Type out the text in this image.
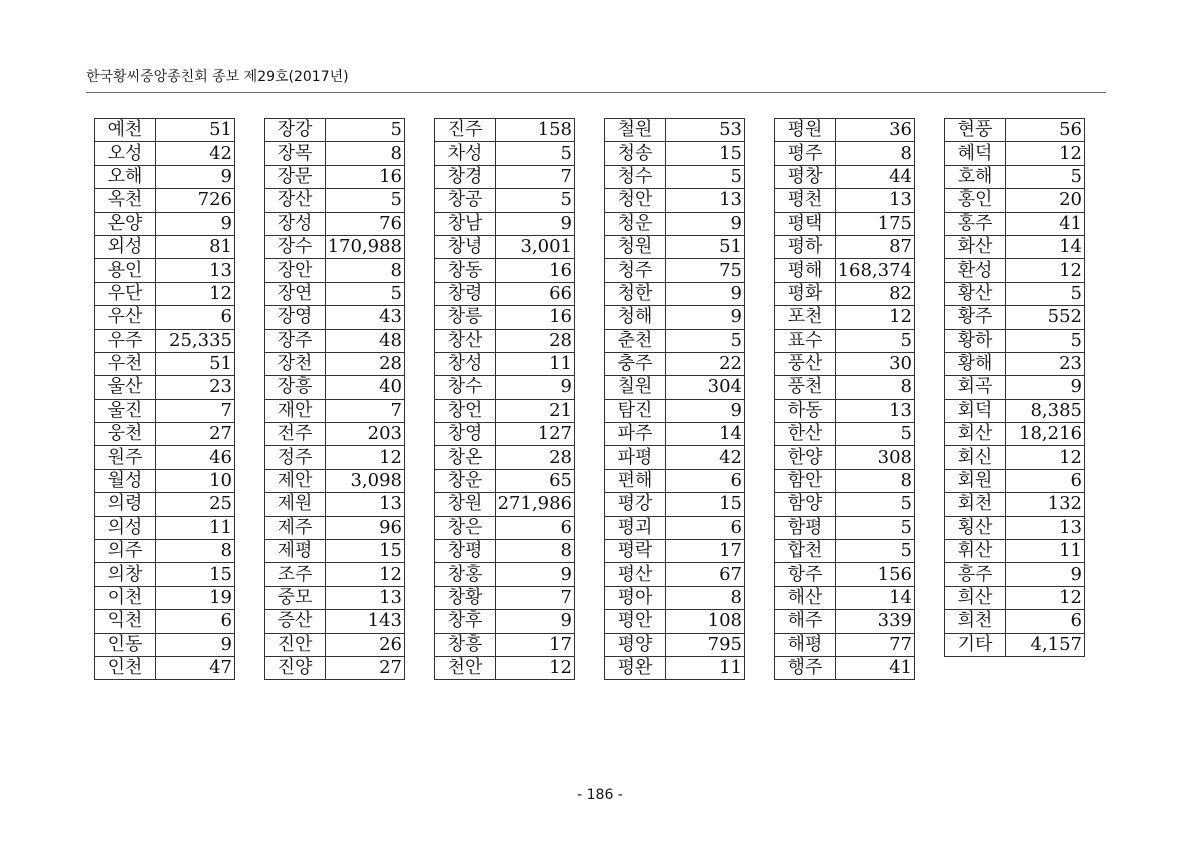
한국황씨중앙종친회 종보 제29호(2017년)
예천	51
오성	42
오해	9
옥천	726
온양	9
외성	81
용인	13
우단	12
우산	6
우주	25,335
우천	51
울산	23
울진	7
웅천	27
원주	46
월성	10
의령	25
의성	11
의주	8
의창	15
이천	19
익천	6
인동	9
인천	47
장강	5
장목	8
장문	16
장산	5
장성	76
장수	170,988
장안	8
장연	5
장영	43
장주	48
장천	28
장흥	40
재안	7
전주	203
정주	12
제안	3,098
제원	13
제주	96
제평	15
조주	12
중모	13
증산	143
진안	26
진양	27
진주	158
차성	5
창경	7
창공	5
창남	9
창녕	3,001
창동	16
창령	66
창릉	16
창산	28
창성	11
창수	9
창언	21
창영	127
창온	28
창운	65
창원	271,986
창은	6
창평	8
창홍	9
창황	7
창후	9
창흥	17
천안	12
철원	53
청송	15
청수	5
청안	13
청운	9
청원	51
청주	75
청한	9
청해	9
춘천	5
충주	22
칠원	304
탐진	9
파주	14
파평	42
편해	6
평강	15
평괴	6
평락	17
평산	67
평아	8
평안	108
평양	795
평완	11
평원	36
평주	8
평창	44
평천	13
평택	175
평하	87
평해	168,374
평화	82
포천	12
표수	5
풍산	30
풍천	8
하동	13
한산	5
한양	308
함안	8
함양	5
함평	5
합천	5
항주	156
해산	14
해주	339
해평	77
행주	41
현풍	56
혜덕	12
호해	5
홍인	20
홍주	41
화산	14
환성	12
황산	5
황주	552
황하	5
황해	23
회곡	9
회덕	8,385
회산	18,216
회신	12
회원	6
회천	132
횡산	13
휘산	11
흥주	9
희산	12
희천	6
기타	4,157
- 186 -
